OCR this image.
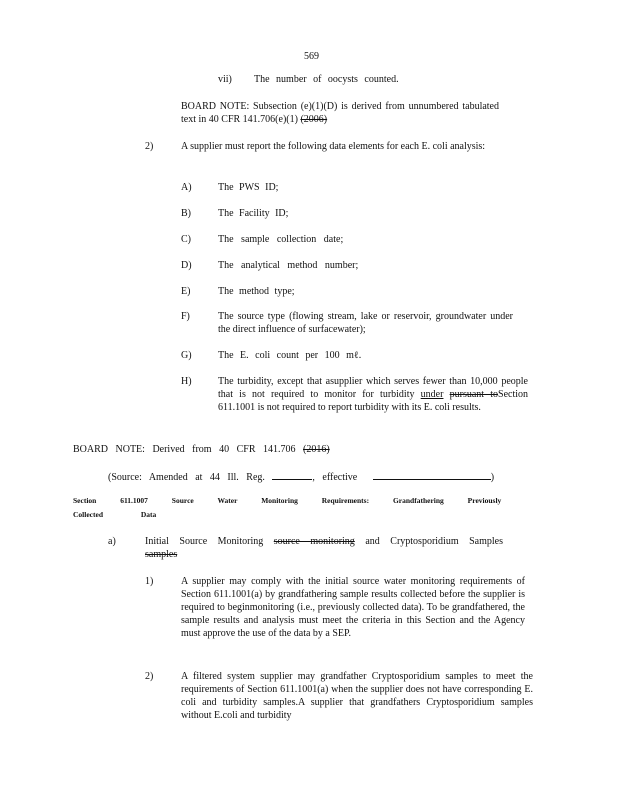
569
vii) The number of oocysts counted.
BOARD NOTE: Subsection (e)(1)(D) is derived from unnumbered tabulated text in 40 CFR 141.706(e)(1) (2006)
2)	A supplier must report the following data elements for each E. coli analysis:
A)	The PWS ID;
B)	The Facility ID;
C)	The sample collection date;
D)	The analytical method number;
E)	The method type;
F)	The source type (flowing stream, lake or reservoir, groundwater under the direct influence of surfacewater);
G)	The E. coli count per 100 mℓ.
H)	The turbidity, except that asupplier which serves fewer than 10,000 people that is not required to monitor for turbidity under pursuant toSection 611.1001 is not required to report turbidity with its E. coli results.
BOARD NOTE: Derived from 40 CFR 141.706 (2016)
(Source: Amended at 44 Ill. Reg.	, effective	)
Section 611.1007 Source Water Monitoring Requirements: Grandfathering Previously
Collected Data
a)	Initial Source Monitoring source monitoring and Cryptosporidium Samples samples
1)	A supplier may comply with the initial source water monitoring requirements of Section 611.1001(a) by grandfathering sample results collected before the supplier is required to beginmonitoring (i.e., previously collected data). To be grandfathered, the sample results and analysis must meet the criteria in this Section and the Agency must approve the use of the data by a SEP.
2)	A filtered system supplier may grandfather Cryptosporidium samples to meet the requirements of Section 611.1001(a) when the supplier does not have corresponding E. coli and turbidity samples.A supplier that grandfathers Cryptosporidium samples without E.coli and turbidity
